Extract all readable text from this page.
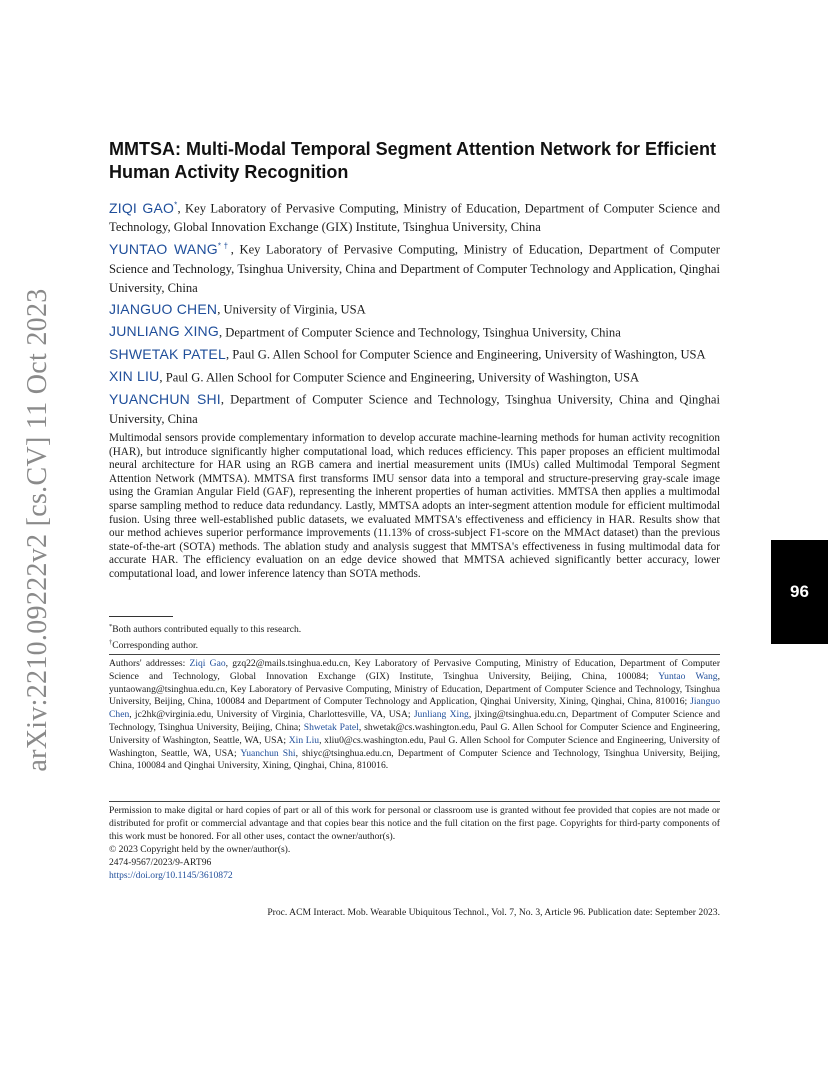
arXiv:2210.09222v2 [cs.CV] 11 Oct 2023	96
MMTSA: Multi-Modal Temporal Segment Attention Network for Efficient Human Activity Recognition

ZIQI GAO*, Key Laboratory of Pervasive Computing, Ministry of Education, Department of Computer Science and Technology, Global Innovation Exchange (GIX) Institute, Tsinghua University, China

YUNTAO WANG*†, Key Laboratory of Pervasive Computing, Ministry of Education, Department of Computer Science and Technology, Tsinghua University, China and Department of Computer Technology and Application, Qinghai University, China

JIANGUO CHEN, University of Virginia, USA

JUNLIANG XING, Department of Computer Science and Technology, Tsinghua University, China

SHWETAK PATEL, Paul G. Allen School for Computer Science and Engineering, University of Washington, USA

XIN LIU, Paul G. Allen School for Computer Science and Engineering, University of Washington, USA

YUANCHUN SHI, Department of Computer Science and Technology, Tsinghua University, China and Qinghai University, China

Multimodal sensors provide complementary information to develop accurate machine-learning methods for human activity recognition (HAR), but introduce significantly higher computational load, which reduces efficiency. This paper proposes an efficient multimodal neural architecture for HAR using an RGB camera and inertial measurement units (IMUs) called Multimodal Temporal Segment Attention Network (MMTSA). MMTSA first transforms IMU sensor data into a temporal and structure-preserving gray-scale image using the Gramian Angular Field (GAF), representing the inherent properties of human activities. MMTSA then applies a multimodal sparse sampling method to reduce data redundancy. Lastly, MMTSA adopts an inter-segment attention module for efficient multimodal fusion. Using three well-established public datasets, we evaluated MMTSA's effectiveness and efficiency in HAR. Results show that our method achieves superior performance improvements (11.13% of cross-subject F1-score on the MMAct dataset) than the previous state-of-the-art (SOTA) methods. The ablation study and analysis suggest that MMTSA's effectiveness in fusing multimodal data for accurate HAR. The efficiency evaluation on an edge device showed that MMTSA achieved significantly better accuracy, lower computational load, and lower inference latency than SOTA methods.

*Both authors contributed equally to this research.

†Corresponding author.

Authors' addresses: Ziqi Gao, gzq22@mails.tsinghua.edu.cn, Key Laboratory of Pervasive Computing, Ministry of Education, Department of Computer Science and Technology, Global Innovation Exchange (GIX) Institute, Tsinghua University, Beijing, China, 100084; Yuntao Wang, yuntaowang@tsinghua.edu.cn, Key Laboratory of Pervasive Computing, Ministry of Education, Department of Computer Science and Technology, Tsinghua University, Beijing, China, 100084 and Department of Computer Technology and Application, Qinghai University, Xining, Qinghai, China, 810016; Jianguo Chen, jc2hk@virginia.edu, University of Virginia, Charlottesville, VA, USA; Junliang Xing, jlxing@tsinghua.edu.cn, Department of Computer Science and Technology, Tsinghua University, Beijing, China; Shwetak Patel, shwetak@cs.washington.edu, Paul G. Allen School for Computer Science and Engineering, University of Washington, Seattle, WA, USA; Xin Liu, xliu0@cs.washington.edu, Paul G. Allen School for Computer Science and Engineering, University of Washington, Seattle, WA, USA; Yuanchun Shi, shiyc@tsinghua.edu.cn, Department of Computer Science and Technology, Tsinghua University, Beijing, China, 100084 and Qinghai University, Xining, Qinghai, China, 810016.

Permission to make digital or hard copies of part or all of this work for personal or classroom use is granted without fee provided that copies are not made or distributed for profit or commercial advantage and that copies bear this notice and the full citation on the first page. Copyrights for third-party components of this work must be honored. For all other uses, contact the owner/author(s).

© 2023 Copyright held by the owner/author(s).

2474-9567/2023/9-ART96

https://doi.org/10.1145/3610872

Proc. ACM Interact. Mob. Wearable Ubiquitous Technol., Vol. 7, No. 3, Article 96. Publication date: September 2023.
